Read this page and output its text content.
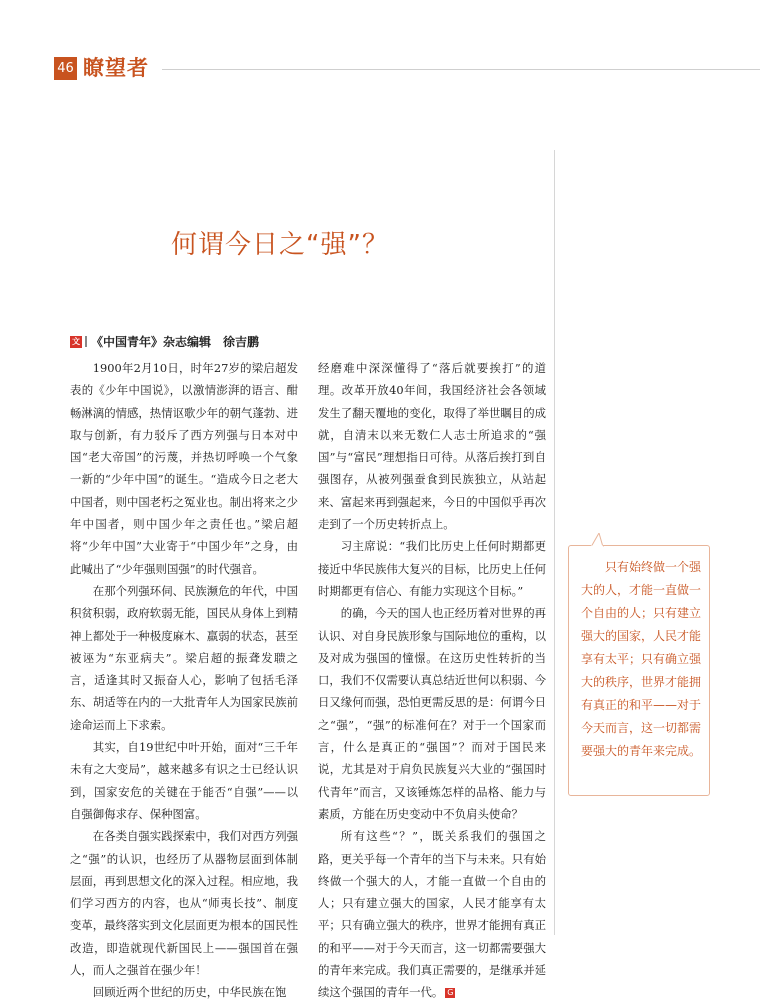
46 瞭望者
何谓今日之“强”？
文 《中国青年》杂志编辑　徐吉鹏

1900年2月10日，时年27岁的梁启超发表的《少年中国说》，以激情澎湃的语言、酣畅淋漓的情感，热情讴歌少年的朝气蓬勃、进取与创新，有力驳斥了西方列强与日本对中国“老大帝国”的污蔑，并热切呼唤一个气象一新的“少年中国”的诞生。“造成今日之老大中国者，则中国老朽之冤业也。制出将来之少年中国者，则中国少年之责任也。”梁启超将“少年中国”大业寄于“中国少年”之身，由此喊出了“少年强则国强”的时代强音。

在那个列强环伺、民族濒危的年代，中国积贫积弱，政府软弱无能，国民从身体上到精神上都处于一种极度麻木、羸弱的状态，甚至被诬为“东亚病夫”。梁启超的振聋发聩之言，适逢其时又振奋人心，影响了包括毛泽东、胡适等在内的一大批青年人为国家民族前途命运而上下求索。

其实，自19世纪中叶开始，面对“三千年未有之大变局”，越来越多有识之士已经认识到，国家安危的关键在于能否“自强”——以自强御侮求存、保种图富。

在各类自强实践探索中，我们对西方列强之“强”的认识，也经历了从器物层面到体制层面，再到思想文化的深入过程。相应地，我们学习西方的内容，也从“师夷长技”、制度变革，最终落实到文化层面更为根本的国民性改造，即造就现代新国民上——强国首在强人，而人之强首在强少年！

回顾近两个世纪的历史，中华民族在饱

经磨难中深深懂得了“落后就要挨打”的道理。改革开放40年间，我国经济社会各领域发生了翻天覆地的变化，取得了举世瞩目的成就，自清末以来无数仁人志士所追求的“强国”与“富民”理想指日可待。从落后挨打到自强图存，从被列强蚕食到民族独立，从站起来、富起来再到强起来，今日的中国似乎再次走到了一个历史转折点上。

习主席说：“我们比历史上任何时期都更接近中华民族伟大复兴的目标，比历史上任何时期都更有信心、有能力实现这个目标。”

的确，今天的国人也正经历着对世界的再认识、对自身民族形象与国际地位的重构，以及对成为强国的憧憬。在这历史性转折的当口，我们不仅需要认真总结近世何以积弱、今日又缘何而强，恐怕更需反思的是：何谓今日之“强”，“强”的标准何在？对于一个国家而言，什么是真正的“强国”？而对于国民来说，尤其是对于肩负民族复兴大业的“强国时代青年”而言，又该锤炼怎样的品格、能力与素质，方能在历史变动中不负肩头使命？

所有这些“？”，既关系我们的强国之路，更关乎每一个青年的当下与未来。只有始终做一个强大的人，才能一直做一个自由的人；只有建立强大的国家，人民才能享有太平；只有确立强大的秩序，世界才能拥有真正的和平——对于今天而言，这一切都需要强大的青年来完成。我们真正需要的，是继承并延续这个强国的青年一代。 G

只有始终做一个强大的人，才能一直做一个自由的人；只有建立强大的国家，人民才能享有太平；只有确立强大的秩序，世界才能拥有真正的和平——对于今天而言，这一切都需要强大的青年来完成。
